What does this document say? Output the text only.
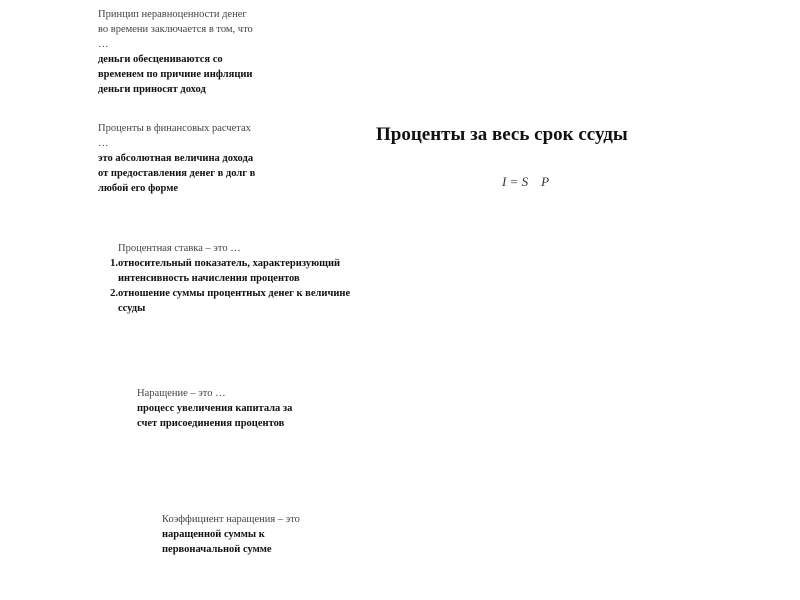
Принцип неравноценности денег
во времени заключается в том, что
…
деньги обесцениваются со
временем по причине инфляции
деньги приносят доход
Проценты в финансовых расчетах
…
это абсолютная величина дохода
от предоставления денег в долг в
любой его форме
Процентная ставка – это …
1. относительный показатель, характеризующий
интенсивность начисления процентов
2. отношение суммы процентных денег к величине
ссуды
Наращение – это …
процесс увеличения капитала за
счет присоединения процентов
Коэффициент наращения – это
наращенной суммы к
первоначальной сумме
Проценты за весь срок ссуды
I = S    P
